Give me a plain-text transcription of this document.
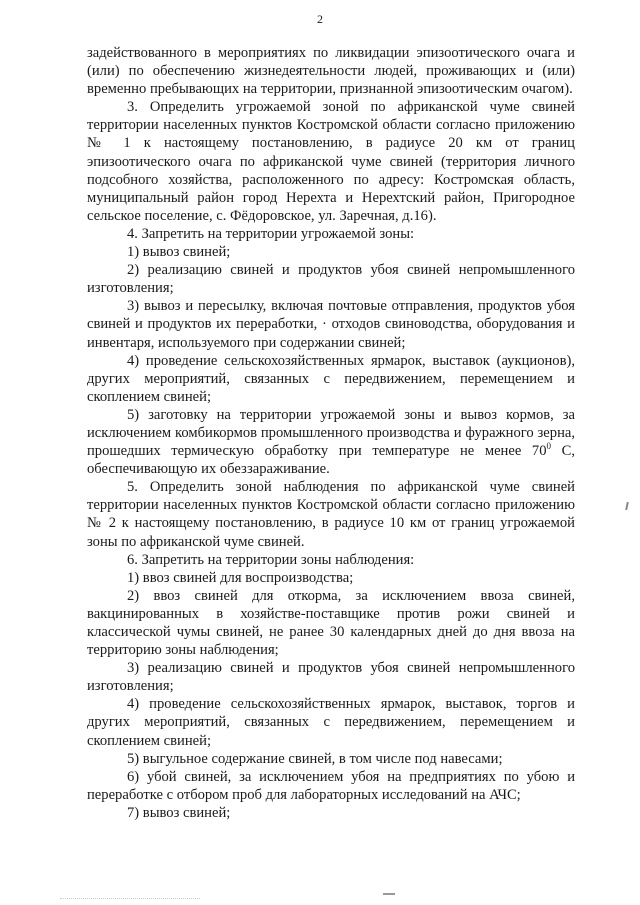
2

задействованного в мероприятиях по ликвидации эпизоотического очага и (или) по обеспечению жизнедеятельности людей, проживающих и (или) временно пребывающих на территории, признанной эпизоотическим очагом).

3. Определить угрожаемой зоной по африканской чуме свиней территории населенных пунктов Костромской области согласно приложению № 1 к настоящему постановлению, в радиусе 20 км от границ эпизоотического очага по африканской чуме свиней (территория личного подсобного хозяйства, расположенного по адресу: Костромская область, муниципальный район город Нерехта и Нерехтский район, Пригородное сельское поселение, с. Фёдоровское, ул. Заречная, д.16).

4. Запретить на территории угрожаемой зоны:

1) вывоз свиней;

2) реализацию свиней и продуктов убоя свиней непромышленного изготовления;

3) вывоз и пересылку, включая почтовые отправления, продуктов убоя свиней и продуктов их переработки, · отходов свиноводства, оборудования и инвентаря, используемого при содержании свиней;

4) проведение сельскохозяйственных ярмарок, выставок (аукционов), других мероприятий, связанных с передвижением, перемещением и скоплением свиней;

5) заготовку на территории угрожаемой зоны и вывоз кормов, за исключением комбикормов промышленного производства и фуражного зерна, прошедших термическую обработку при температуре не менее $70^0$ С, обеспечивающую их обеззараживание.

5. Определить зоной наблюдения по африканской чуме свиней территории населенных пунктов Костромской области согласно приложению № 2 к настоящему постановлению, в радиусе 10 км от границ угрожаемой зоны по африканской чуме свиней.

6. Запретить на территории зоны наблюдения:

1) ввоз свиней для воспроизводства;

2) ввоз свиней для откорма, за исключением ввоза свиней, вакцинированных в хозяйстве-поставщике против рожи свиней и классической чумы свиней, не ранее 30 календарных дней до дня ввоза на территорию зоны наблюдения;

3) реализацию свиней и продуктов убоя свиней непромышленного изготовления;

4) проведение сельскохозяйственных ярмарок, выставок, торгов и других мероприятий, связанных с передвижением, перемещением и скоплением свиней;

5) выгульное содержание свиней, в том числе под навесами;

6) убой свиней, за исключением убоя на предприятиях по убою и переработке с отбором проб для лабораторных исследований на АЧС;

7) вывоз свиней;
